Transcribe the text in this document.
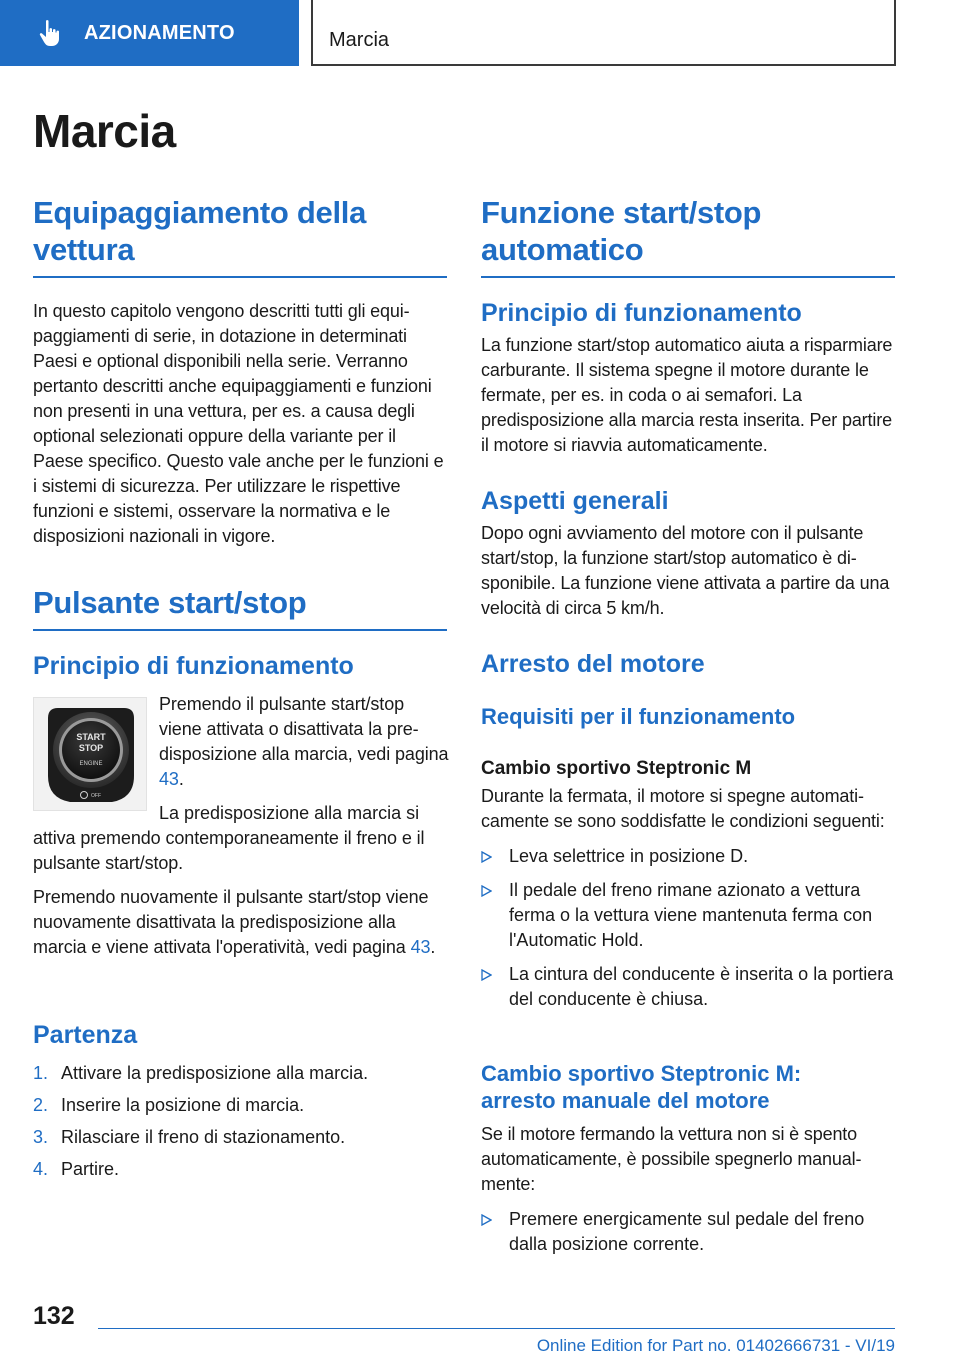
AZIONAMENTO	Marcia
Marcia
Equipaggiamento della
vettura

In questo capitolo vengono descritti tutti gli equipaggiamenti di serie, in dotazione in determinati Paesi e optional disponibili nella serie. Verranno pertanto descritti anche equipaggiamenti e funzioni non presenti in una vettura, per es. a causa degli optional selezionati oppure della variante per il Paese specifico. Questo vale anche per le funzioni e i sistemi di sicurezza. Per utilizzare le rispettive funzioni e sistemi, osservare la normativa e le disposizioni nazionali in vigore.

Pulsante start/stop
Principio di funzionamento

Premendo il pulsante start/stop viene attivata o disattivata la predisposizione alla marcia, vedi pagina 43.

La predisposizione alla marcia si

attiva premendo contemporaneamente il freno e il pulsante start/stop.

Premendo nuovamente il pulsante start/stop viene nuovamente disattivata la predisposizione alla marcia e viene attivata l'operatività, vedi pagina 43.

Partenza
1. Attivare la predisposizione alla marcia.
2. Inserire la posizione di marcia.
3. Rilasciare il freno di stazionamento.
4. Partire.
START
STOP
ENGINE
OFF
Funzione start/stop
automatico
Principio di funzionamento

La funzione start/stop automatico aiuta a risparmiare carburante. Il sistema spegne il motore durante le fermate, per es. in coda o ai semafori. La predisposizione alla marcia resta inserita. Per partire il motore si riavvia automaticamente.

Aspetti generali

Dopo ogni avviamento del motore con il pulsante start/stop, la funzione start/stop automatico è disponibile. La funzione viene attivata a partire da una velocità di circa 5 km/h.

Arresto del motore
Requisiti per il funzionamento
Cambio sportivo Steptronic M

Durante la fermata, il motore si spegne automaticamente se sono soddisfatte le condizioni seguenti:

Leva selettrice in posizione D.
Il pedale del freno rimane azionato a vettura ferma o la vettura viene mantenuta ferma con l'Automatic Hold.
La cintura del conducente è inserita o la portiera del conducente è chiusa.
Cambio sportivo Steptronic M:
arresto manuale del motore

Se il motore fermando la vettura non si è spento automaticamente, è possibile spegnerlo manualmente:

Premere energicamente sul pedale del freno dalla posizione corrente.
132
Online Edition for Part no. 01402666731 - VI/19
